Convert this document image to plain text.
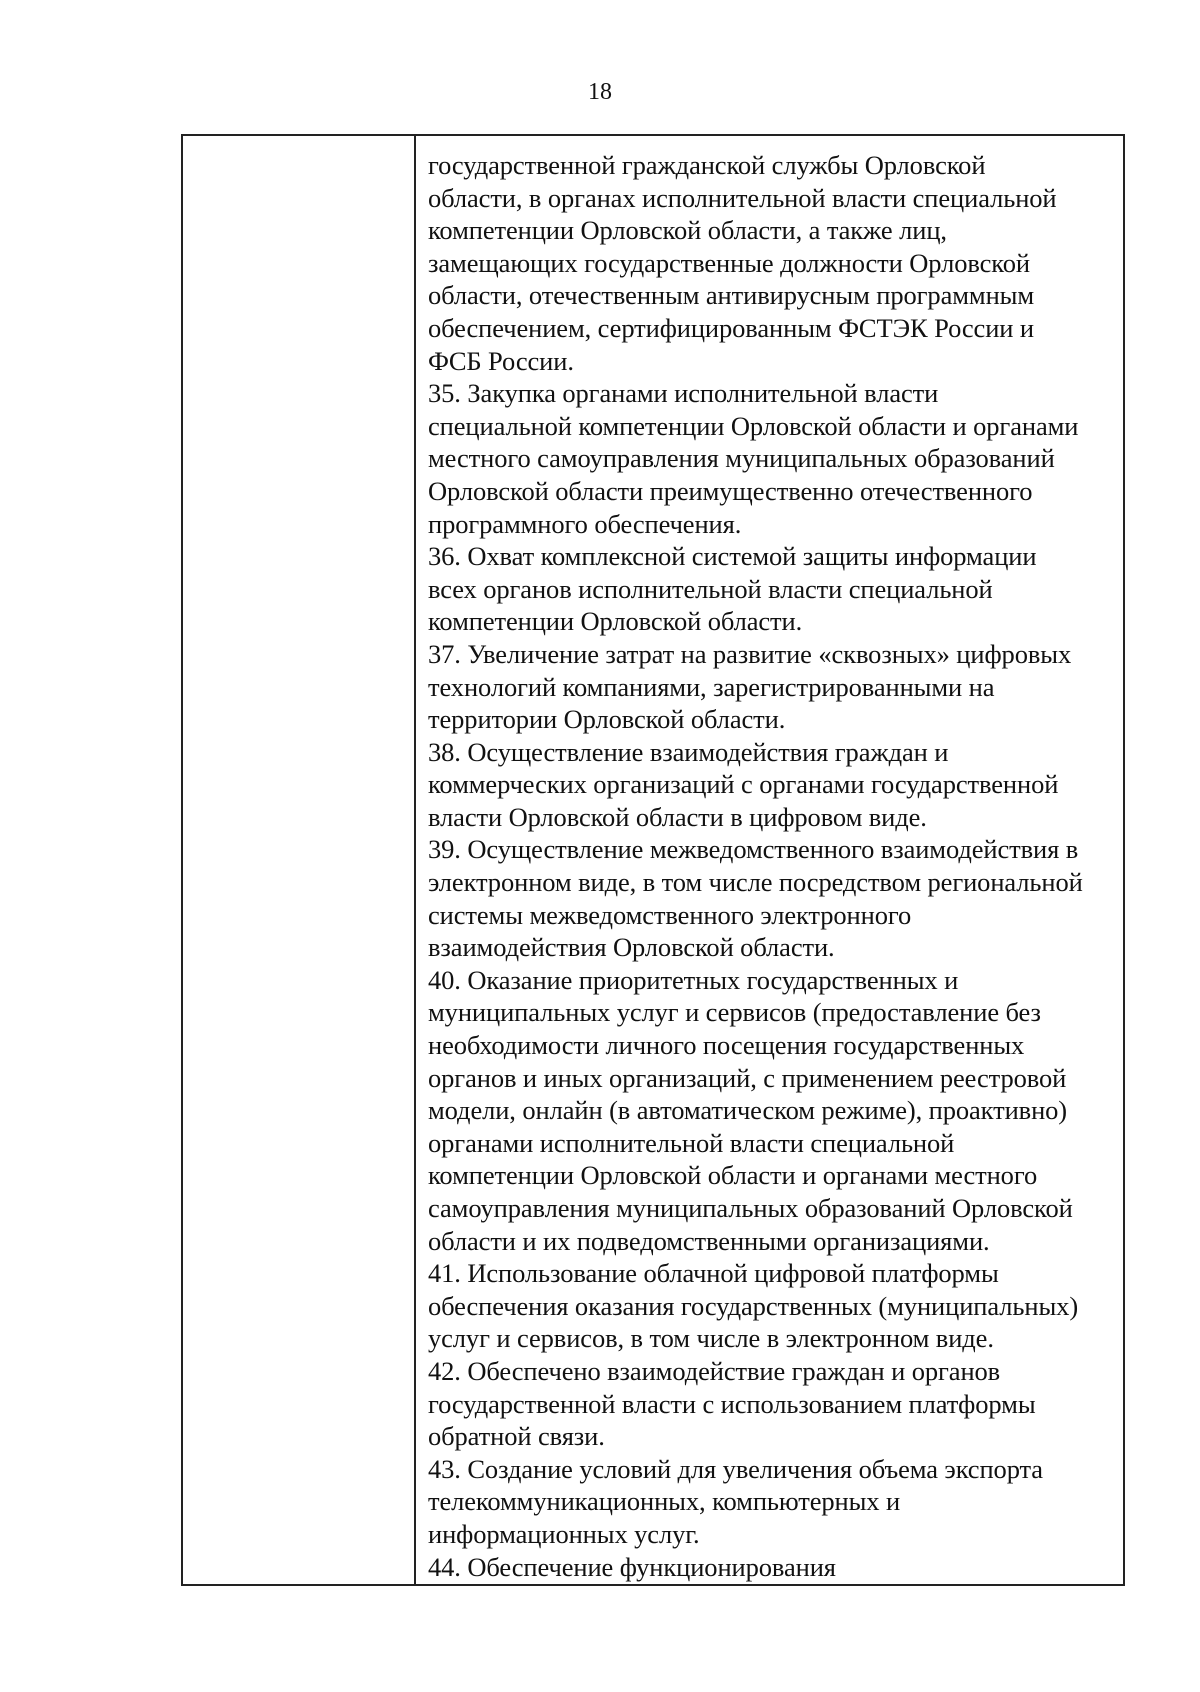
18
государственной гражданской службы Орловской
области, в органах исполнительной власти специальной
компетенции Орловской области, а также лиц,
замещающих государственные должности Орловской
области, отечественным антивирусным программным
обеспечением, сертифицированным ФСТЭК России и
ФСБ России.
35. Закупка органами исполнительной власти
специальной компетенции Орловской области и органами
местного самоуправления муниципальных образований
Орловской области преимущественно отечественного
программного обеспечения.
36. Охват комплексной системой защиты информации
всех органов исполнительной власти специальной
компетенции Орловской области.
37. Увеличение затрат на развитие «сквозных» цифровых
технологий компаниями, зарегистрированными на
территории Орловской области.
38. Осуществление взаимодействия граждан и
коммерческих организаций с органами государственной
власти Орловской области в цифровом виде.
39. Осуществление межведомственного взаимодействия в
электронном виде, в том числе посредством региональной
системы межведомственного электронного
взаимодействия Орловской области.
40. Оказание приоритетных государственных и
муниципальных услуг и сервисов (предоставление без
необходимости личного посещения государственных
органов и иных организаций, с применением реестровой
модели, онлайн (в автоматическом режиме), проактивно)
органами исполнительной власти специальной
компетенции Орловской области и органами местного
самоуправления муниципальных образований Орловской
области и их подведомственными организациями.
41. Использование облачной цифровой платформы
обеспечения оказания государственных (муниципальных)
услуг и сервисов, в том числе в электронном виде.
42. Обеспечено взаимодействие граждан и органов
государственной власти с использованием платформы
обратной связи.
43. Создание условий для увеличения объема экспорта
телекоммуникационных, компьютерных и
информационных услуг.
44. Обеспечение функционирования
